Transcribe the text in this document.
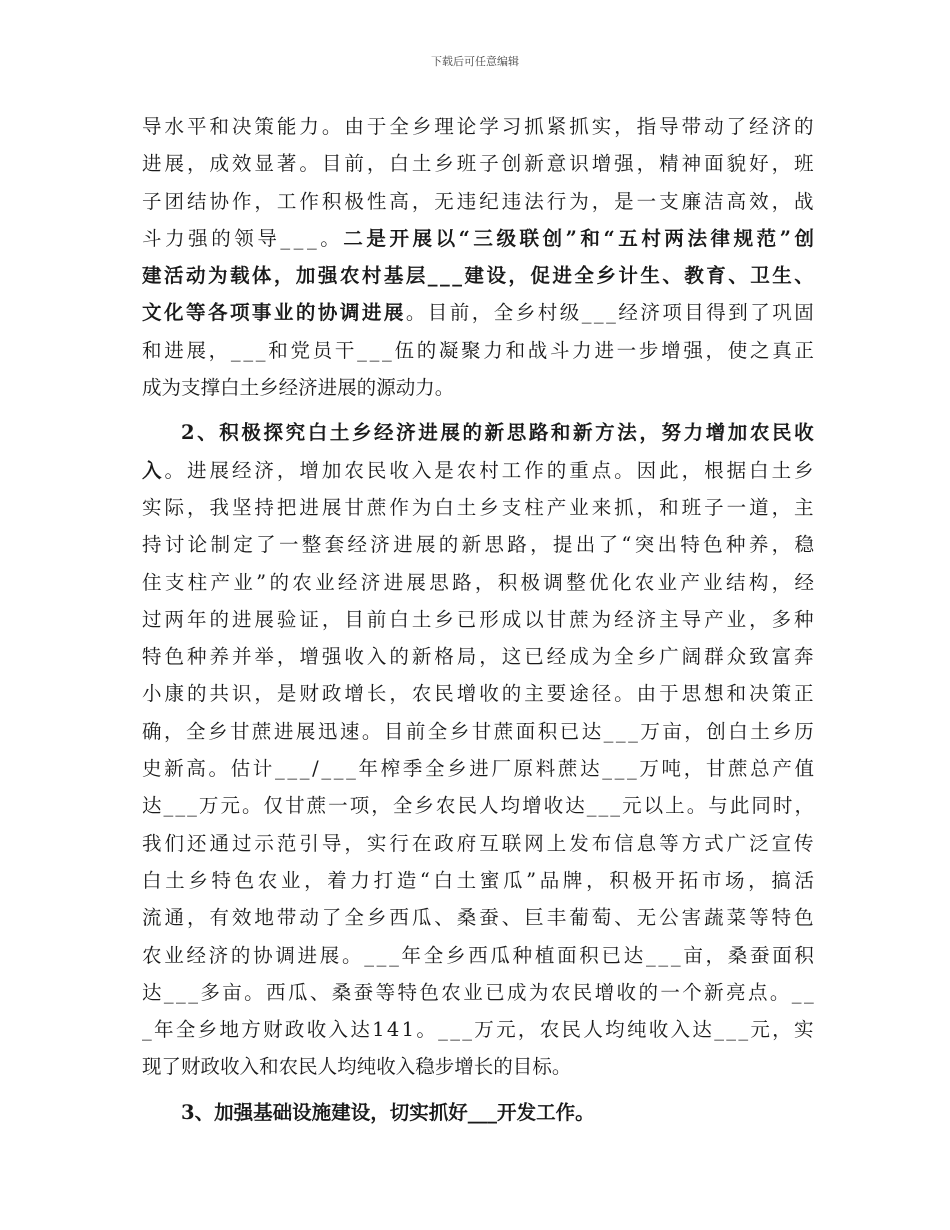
下载后可任意编辑
导 水 平 和 决 策 能 力 。 由 于 全 乡 理 论 学 习 抓 紧 抓 实 ， 指 导 带 动 了 经 济 的
进 展 ， 成 效 显 著 。 目 前 ， 白 土 乡 班 子 创 新 意 识 增 强 ， 精 神 面 貌 好 ， 班
子 团 结 协 作 ， 工 作 积 极 性 高 ， 无 违 纪 违 法 行 为 ， 是 一 支 廉 洁 高 效 ， 战
斗 力 强 的 领 导 _ _ _ 。 二 是 开 展 以 “ 三 级 联 创 ” 和 “ 五 村 两 法 律 规 范 ” 创
建 活 动 为 载 体 ， 加 强 农 村 基 层 _ _ _ 建 设 ， 促 进 全 乡 计 生 、 教 育 、 卫 生 、
文 化 等 各 项 事 业 的 协 调 进 展 。 目 前 ， 全 乡 村 级 _ _ _ 经 济 项 目 得 到 了 巩 固
和 进 展 ， _ _ _ 和 党 员 干 _ _ _ 伍 的 凝 聚 力 和 战 斗 力 进 一 步 增 强 ， 使 之 真 正
成 为 支 撑 白 土 乡 经 济 进 展 的 源 动 力 。
2 、 积 极 探 究 白 土 乡 经 济 进 展 的 新 思 路 和 新 方 法 ， 努 力 增 加 农 民 收
入 。 进 展 经 济 ， 增 加 农 民 收 入 是 农 村 工 作 的 重 点 。 因 此 ， 根 据 白 土 乡
实 际 ， 我 坚 持 把 进 展 甘 蔗 作 为 白 土 乡 支 柱 产 业 来 抓 ， 和 班 子 一 道 ， 主
持 讨 论 制 定 了 一 整 套 经 济 进 展 的 新 思 路 ， 提 出 了 “ 突 出 特 色 种 养 ， 稳
住 支 柱 产 业 ” 的 农 业 经 济 进 展 思 路 ， 积 极 调 整 优 化 农 业 产 业 结 构 ， 经
过 两 年 的 进 展 验 证 ， 目 前 白 土 乡 已 形 成 以 甘 蔗 为 经 济 主 导 产 业 ， 多 种
特 色 种 养 并 举 ， 增 强 收 入 的 新 格 局 ， 这 已 经 成 为 全 乡 广 阔 群 众 致 富 奔
小 康 的 共 识 ， 是 财 政 增 长 ， 农 民 增 收 的 主 要 途 径 。 由 于 思 想 和 决 策 正
确 ， 全 乡 甘 蔗 进 展 迅 速 。 目 前 全 乡 甘 蔗 面 积 已 达 _ _ _ 万 亩 ， 创 白 土 乡 历
史 新 高 。 估 计 _ _ _ / _ _ _ 年 榨 季 全 乡 进 厂 原 料 蔗 达 _ _ _ 万 吨 ， 甘 蔗 总 产 值
达 _ _ _ 万 元 。 仅 甘 蔗 一 项 ， 全 乡 农 民 人 均 增 收 达 _ _ _ 元 以 上 。 与 此 同 时 ，
我 们 还 通 过 示 范 引 导 ， 实 行 在 政 府 互 联 网 上 发 布 信 息 等 方 式 广 泛 宣 传
白 土 乡 特 色 农 业 ， 着 力 打 造 “ 白 土 蜜 瓜 ” 品 牌 ， 积 极 开 拓 市 场 ， 搞 活
流 通 ， 有 效 地 带 动 了 全 乡 西 瓜 、 桑 蚕 、 巨 丰 葡 萄 、 无 公 害 蔬 菜 等 特 色
农 业 经 济 的 协 调 进 展 。 _ _ _ 年 全 乡 西 瓜 种 植 面 积 已 达 _ _ _ 亩 ， 桑 蚕 面 积
达 _ _ _ 多 亩 。 西 瓜 、 桑 蚕 等 特 色 农 业 已 成 为 农 民 增 收 的 一 个 新 亮 点 。 _ _
_ 年 全 乡 地 方 财 政 收 入 达 1 4 1 。 _ _ _ 万 元 ， 农 民 人 均 纯 收 入 达 _ _ _ 元 ， 实
现 了 财 政 收 入 和 农 民 人 均 纯 收 入 稳 步 增 长 的 目 标 。
3 、 加 强 基 础 设 施 建 设 ， 切 实 抓 好 _ _ _ 开 发 工 作 。
